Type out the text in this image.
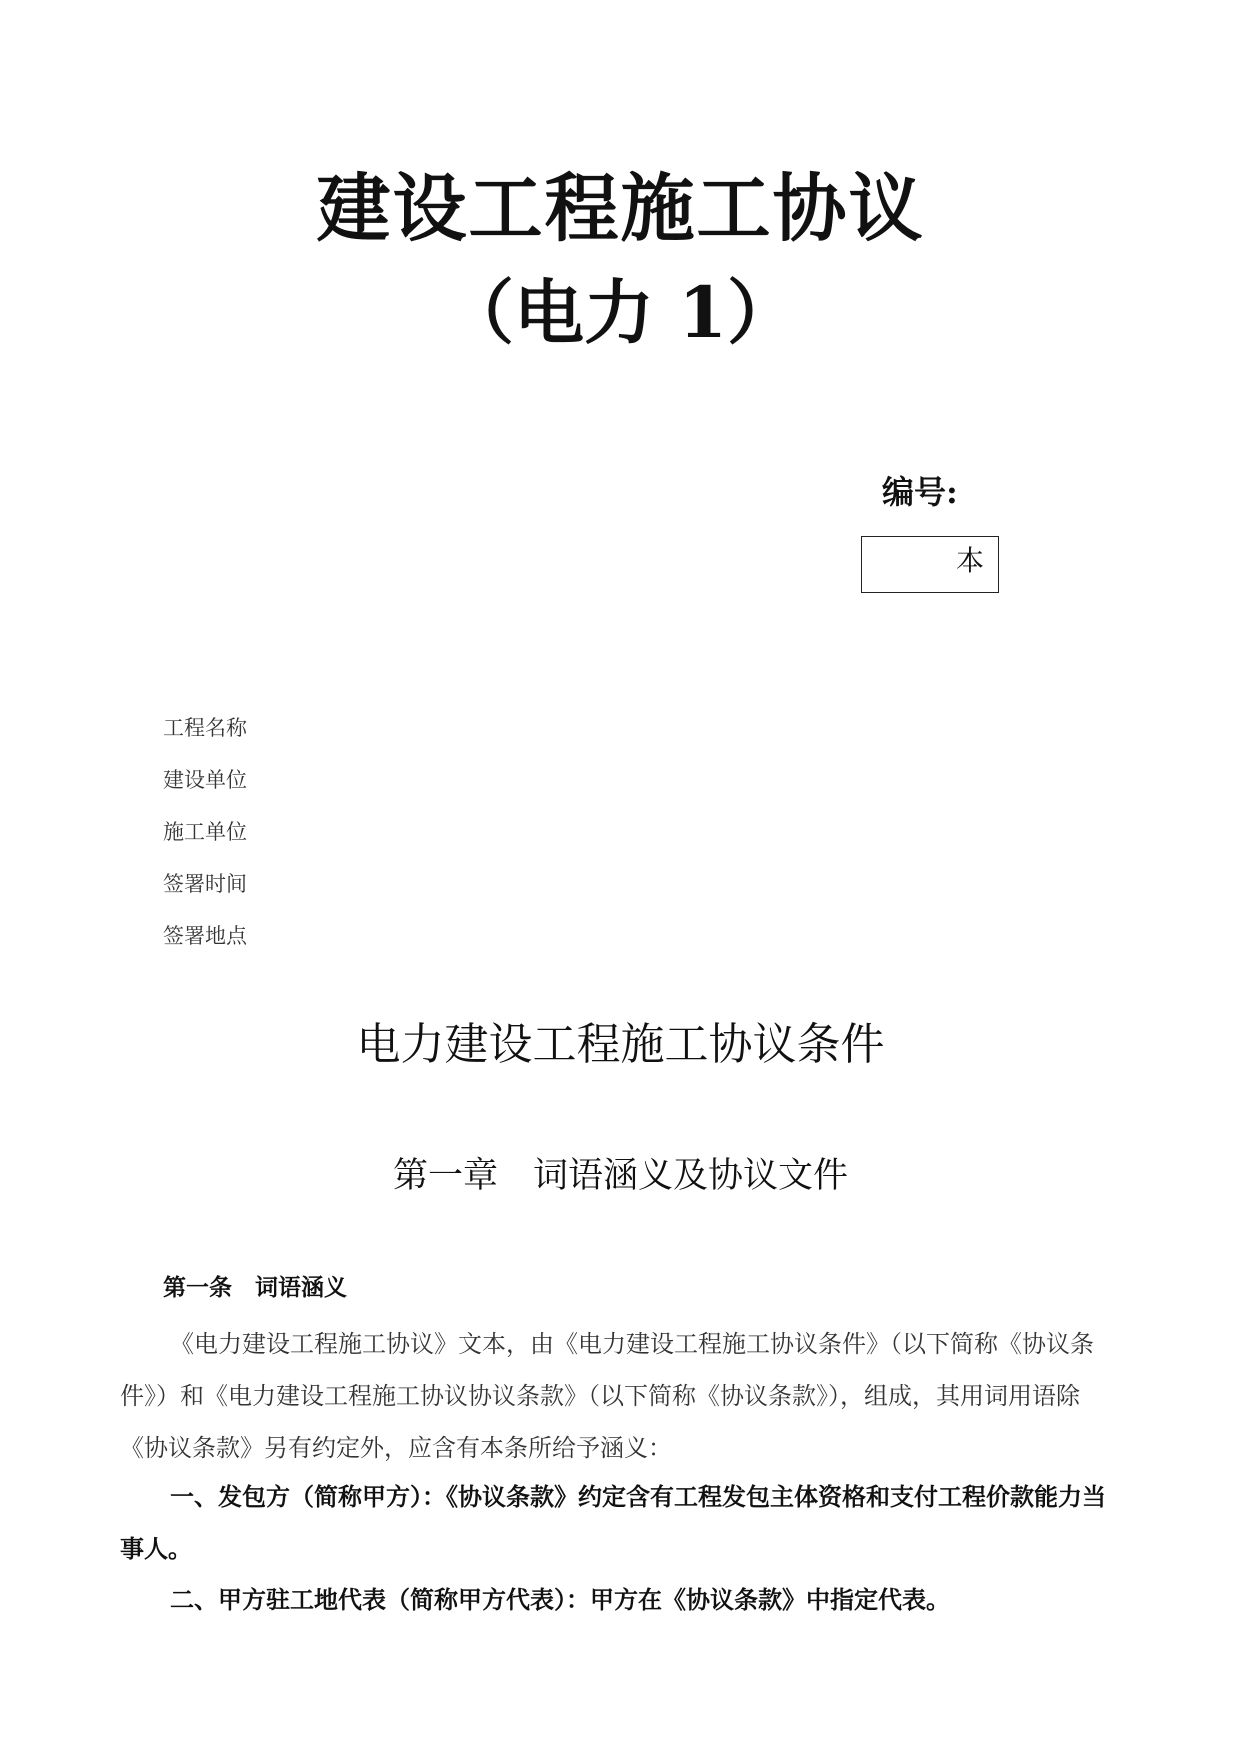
建设工程施工协议
（电力 1）
编号:
本
工程名称
建设单位
施工单位
签署时间
签署地点
电力建设工程施工协议条件
第一章　词语涵义及协议文件
第一条　词语涵义
《电力建设工程施工协议》文本，由《电力建设工程施工协议条件》（以下简称《协议条件》）和《电力建设工程施工协议协议条款》（以下简称《协议条款》），组成，其用词用语除《协议条款》另有约定外，应含有本条所给予涵义：
一、发包方（简称甲方）：《协议条款》约定含有工程发包主体资格和支付工程价款能力当事人。
二、甲方驻工地代表（简称甲方代表）：甲方在《协议条款》中指定代表。
